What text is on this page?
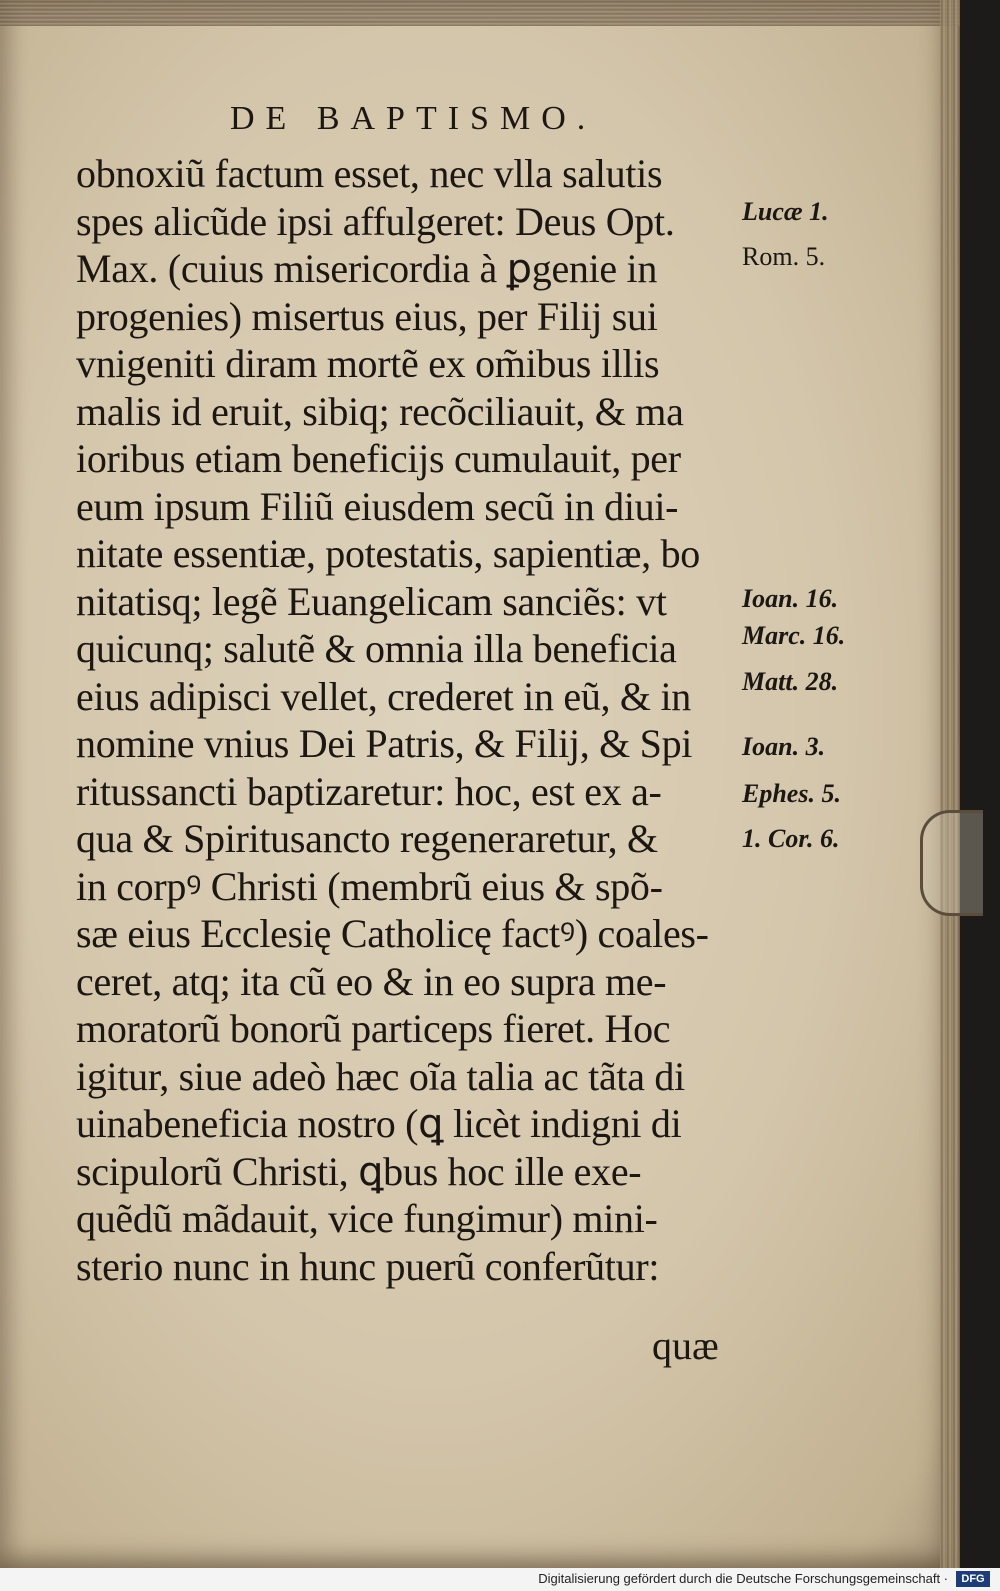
DE BAPTISMO.
obnoxiũ factum esset, nec vlla salutis
spes alicũde ipsi affulgeret: Deus Opt.
Max. (cuius misericordia à ꝑgenie in
progenies) misertus eius, per Filij sui
vnigeniti diram mortẽ ex om̃ibus illis
malis id eruit, sibiq; recõciliauit, & ma
ioribus etiam beneficijs cumulauit, per
eum ipsum Filiũ eiusdem secũ in diui-
nitate essentiæ, potestatis, sapientiæ, bo
nitatisq; legẽ Euangelicam sanciẽs: vt
quicunq; salutẽ & omnia illa beneficia
eius adipisci vellet, crederet in eũ, & in
nomine vnius Dei Patris, & Filij, & Spi
ritussancti baptizaretur: hoc, est ex a-
qua & Spiritusancto regeneraretur, &
in corpꝰ Christi (membrũ eius & spõ-
sæ eius Ecclesię Catholicę factꝰ) coales-
ceret, atq; ita cũ eo & in eo supra me-
moratorũ bonorũ particeps fieret. Hoc
igitur, siue adeò hæc oĩa talia ac tãta di
uinabeneficia nostro (ꝗ licèt indigni di
scipulorũ Christi, ꝗbus hoc ille exe-
quẽdũ mãdauit, vice fungimur) mini-
sterio nunc in hunc puerũ conferũtur:
quæ
Lucæ 1.
Rom. 5.
Ioan. 16.
Marc. 16.
Matt. 28.
Ioan. 3.
Ephes. 5.
1. Cor. 6.
Digitalisierung gefördert durch die Deutsche Forschungsgemeinschaft ·	DFG
